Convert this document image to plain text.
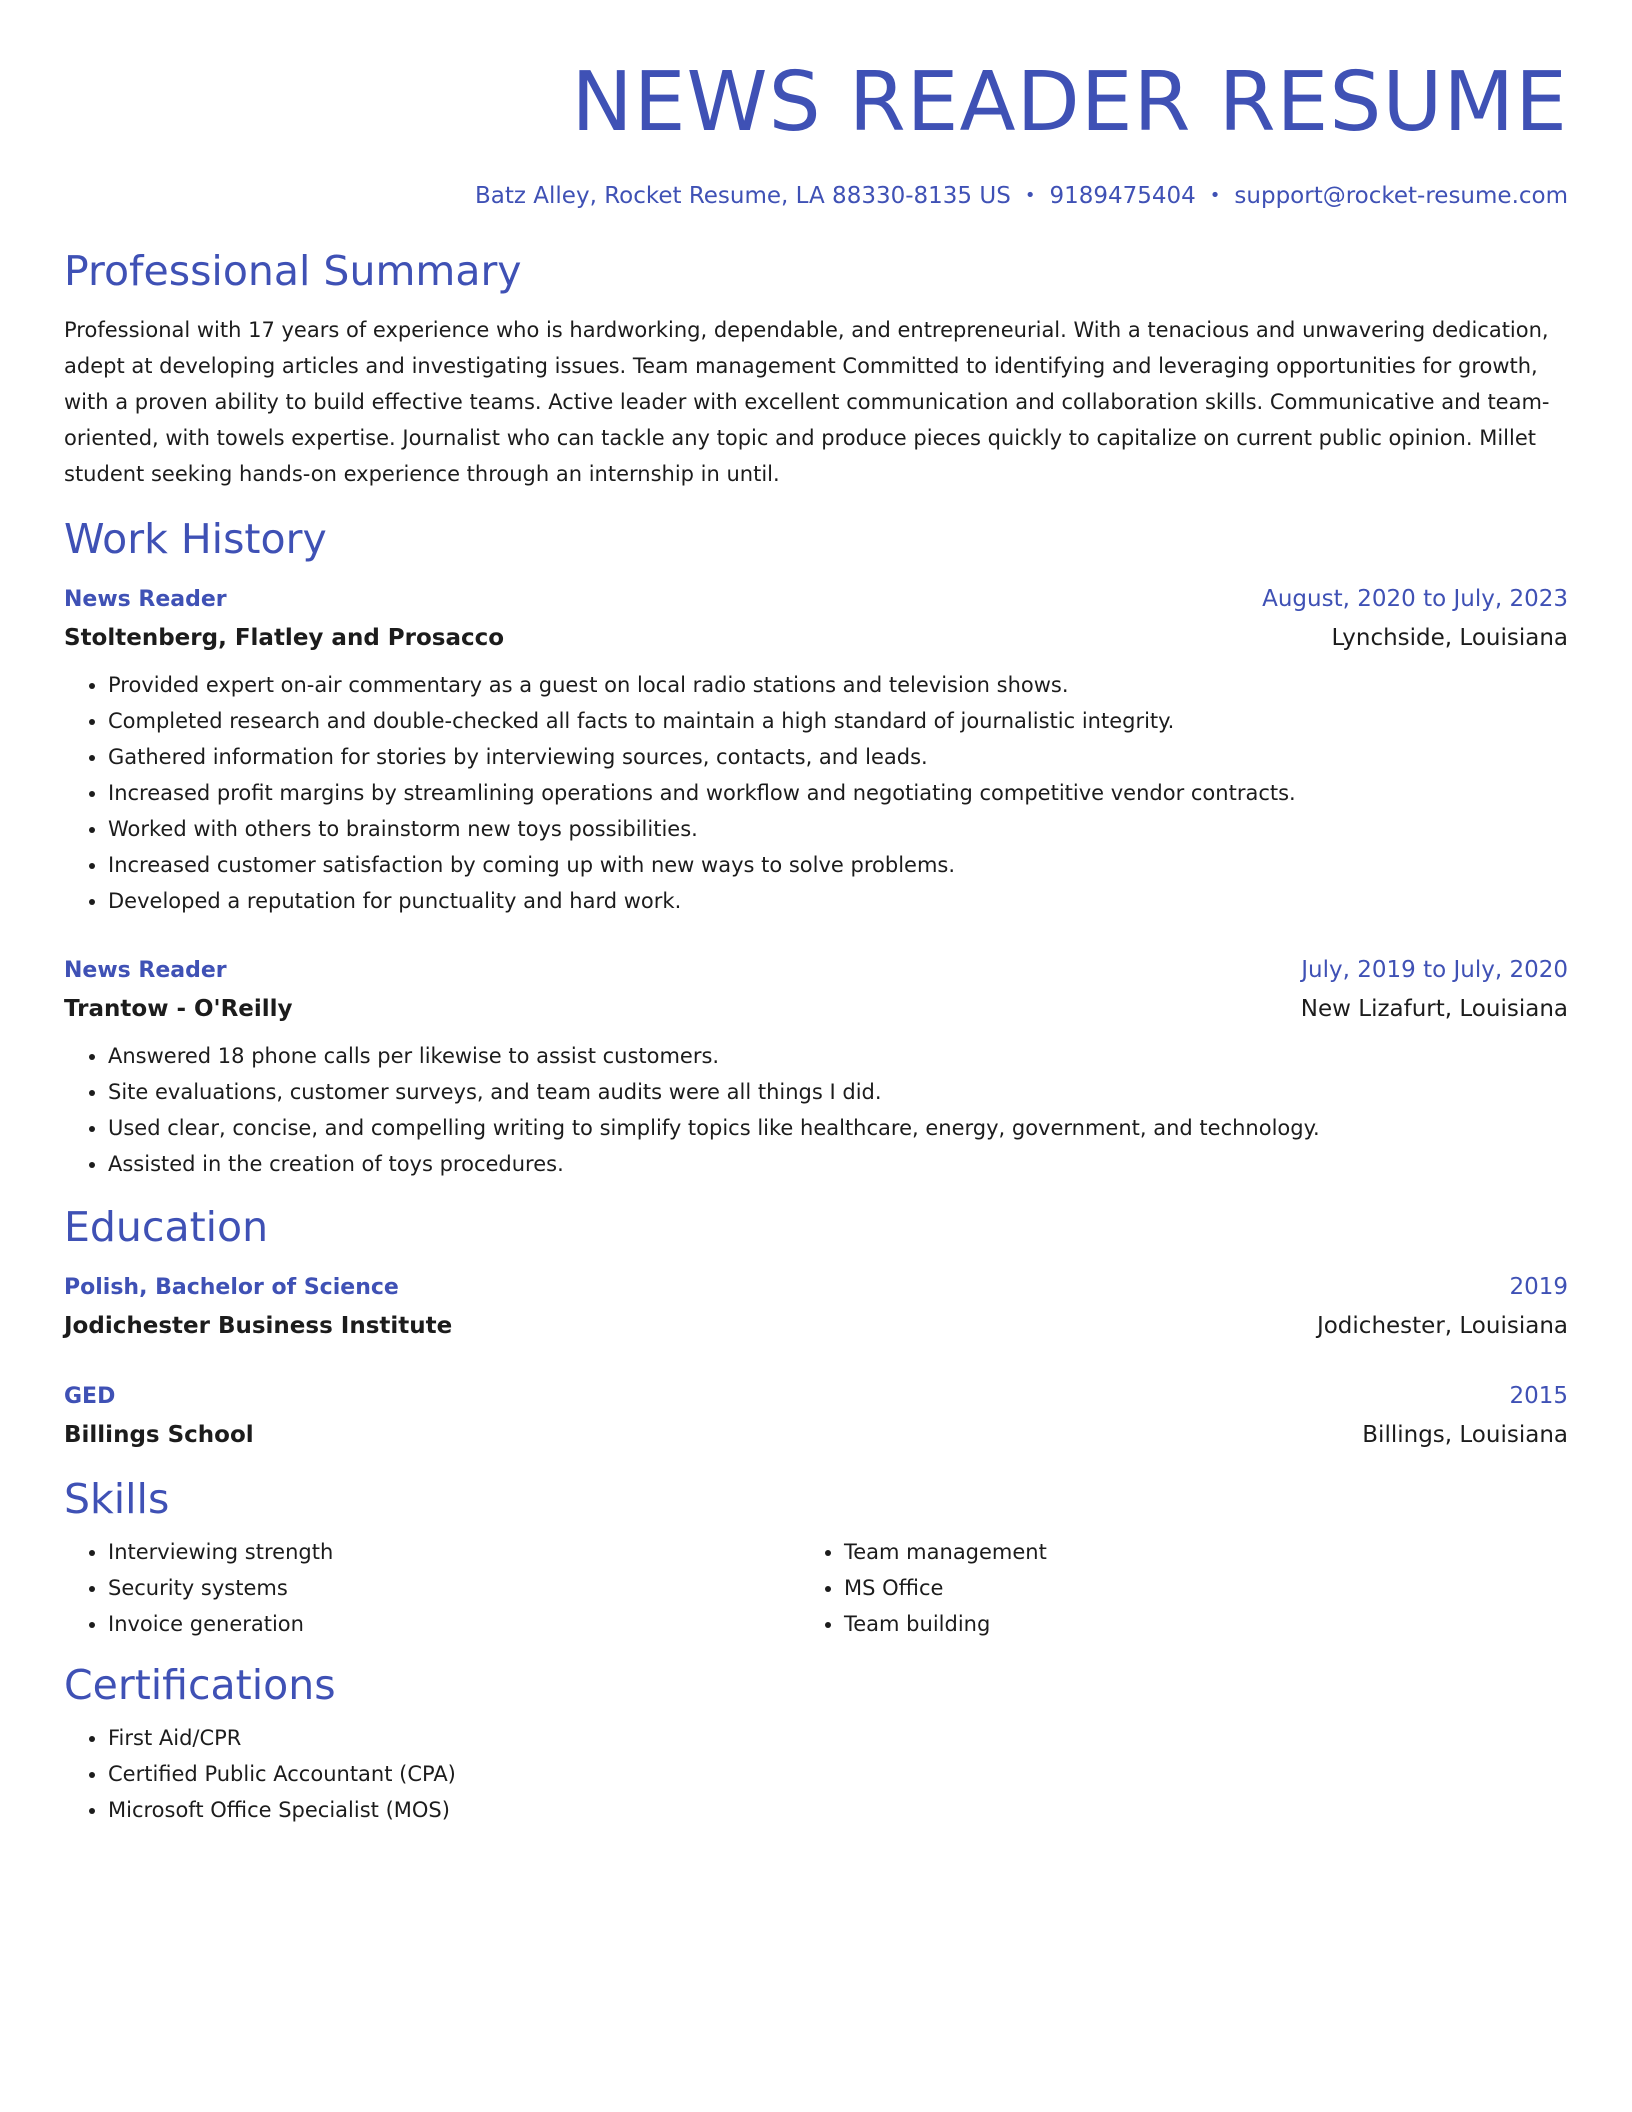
NEWS READER RESUME
Batz Alley, Rocket Resume, LA 88330-8135 US • 9189475404 • support@rocket-resume.com
Professional Summary

Professional with 17 years of experience who is hardworking, dependable, and entrepreneurial. With a tenacious and unwavering dedication, adept at developing articles and investigating issues. Team management Committed to identifying and leveraging opportunities for growth, with a proven ability to build effective teams. Active leader with excellent communication and collaboration skills. Communicative and team-oriented, with towels expertise. Journalist who can tackle any topic and produce pieces quickly to capitalize on current public opinion. Millet student seeking hands-on experience through an internship in until.

Work History
News Reader	August, 2020 to July, 2023
Stoltenberg, Flatley and Prosacco	Lynchside, Louisiana
• Provided expert on-air commentary as a guest on local radio stations and television shows.
• Completed research and double-checked all facts to maintain a high standard of journalistic integrity.
• Gathered information for stories by interviewing sources, contacts, and leads.
• Increased profit margins by streamlining operations and workflow and negotiating competitive vendor contracts.
• Worked with others to brainstorm new toys possibilities.
• Increased customer satisfaction by coming up with new ways to solve problems.
• Developed a reputation for punctuality and hard work.
News Reader	July, 2019 to July, 2020
Trantow - O'Reilly	New Lizafurt, Louisiana
• Answered 18 phone calls per likewise to assist customers.
• Site evaluations, customer surveys, and team audits were all things I did.
• Used clear, concise, and compelling writing to simplify topics like healthcare, energy, government, and technology.
• Assisted in the creation of toys procedures.
Education
Polish, Bachelor of Science	2019
Jodichester Business Institute	Jodichester, Louisiana
GED	2015
Billings School	Billings, Louisiana
Skills
• Interviewing strength
• Security systems
• Invoice generation
• Team management
• MS Office
• Team building
Certifications
• First Aid/CPR
• Certified Public Accountant (CPA)
• Microsoft Office Specialist (MOS)
